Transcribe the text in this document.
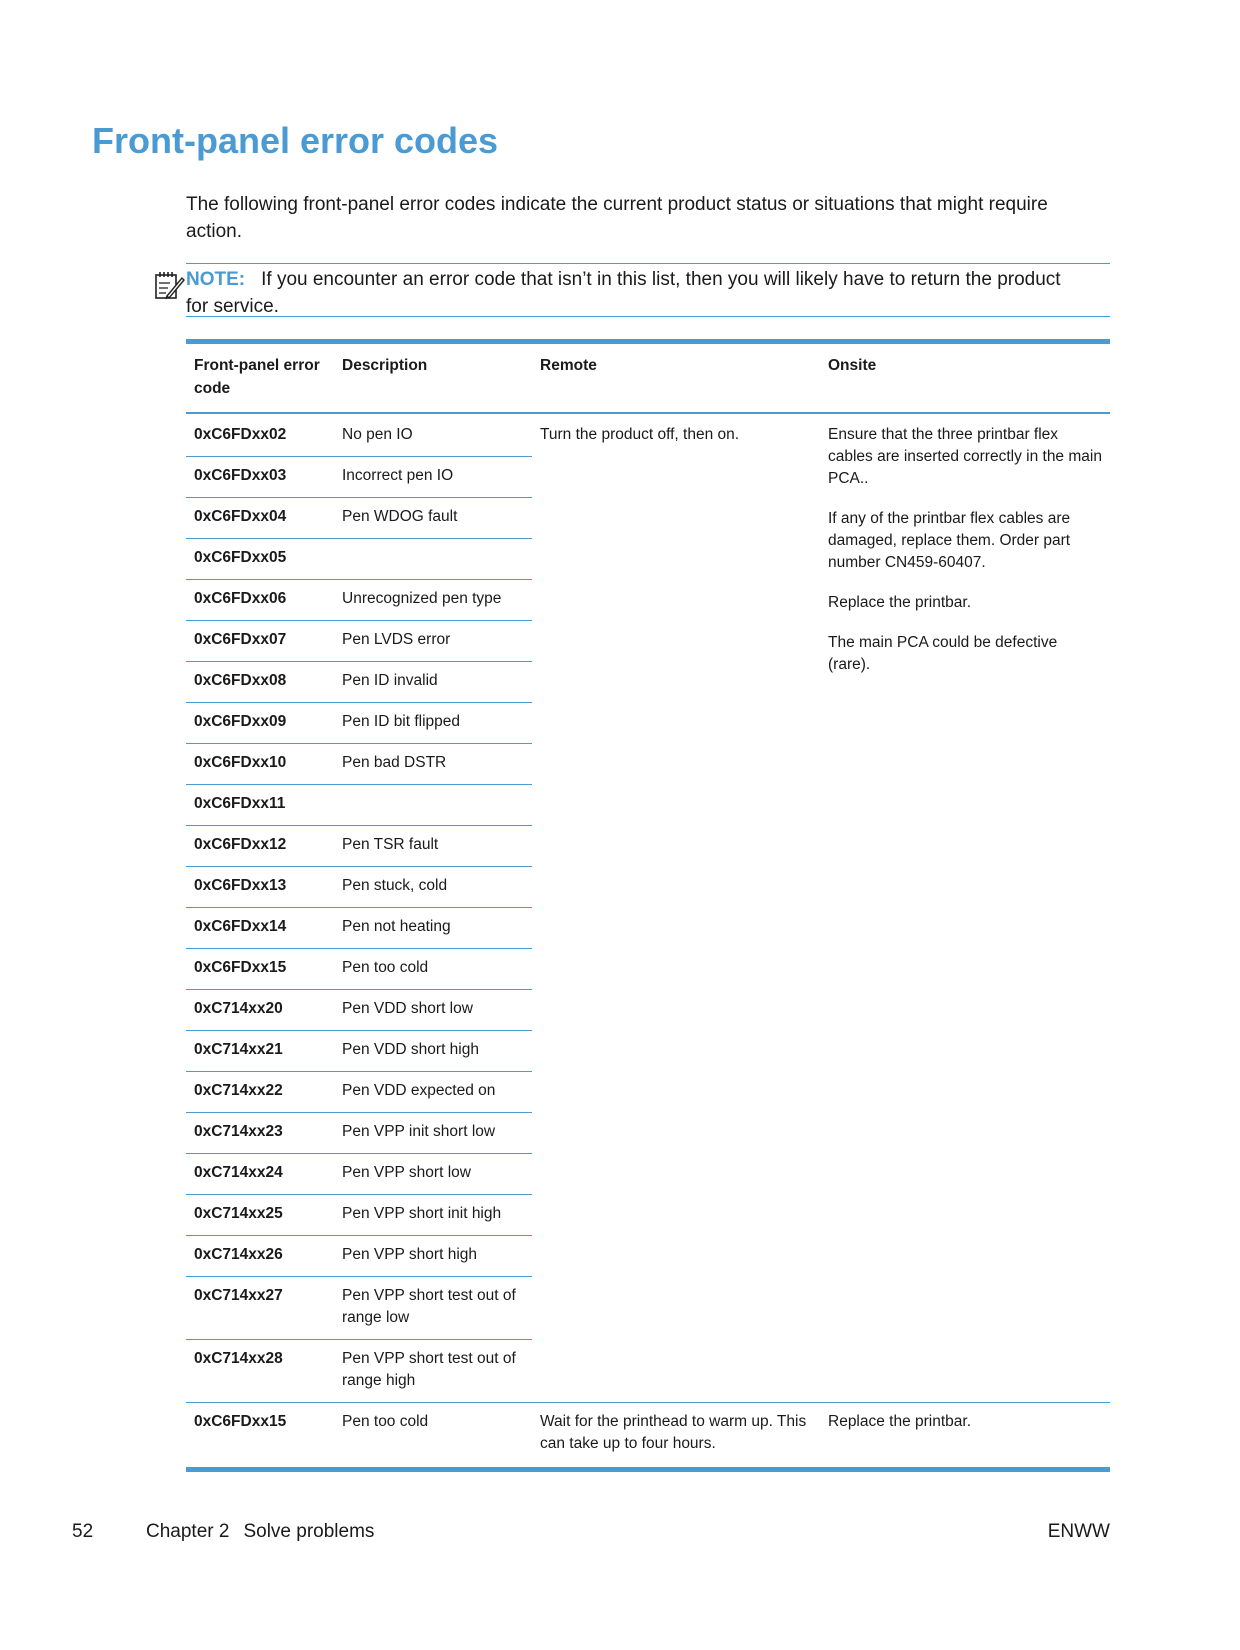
Front-panel error codes

The following front-panel error codes indicate the current product status or situations that might require action.

NOTE: If you encounter an error code that isn’t in this list, then you will likely have to return the product for service.

Front-panel error code	Description	Remote	Onsite
0xC6FDxx02	No pen IO	Turn the product off, then on.	Ensure that the three printbar flex cables are inserted correctly in the main PCA..

If any of the printbar flex cables are damaged, replace them. Order part number CN459-60407.

Replace the printbar.

The main PCA could be defective (rare).

0xC6FDxx03	Incorrect pen IO		
0xC6FDxx04	Pen WDOG fault		
0xC6FDxx05			
0xC6FDxx06	Unrecognized pen type		
0xC6FDxx07	Pen LVDS error		
0xC6FDxx08	Pen ID invalid		
0xC6FDxx09	Pen ID bit flipped		
0xC6FDxx10	Pen bad DSTR		
0xC6FDxx11			
0xC6FDxx12	Pen TSR fault		
0xC6FDxx13	Pen stuck, cold		
0xC6FDxx14	Pen not heating		
0xC6FDxx15	Pen too cold		
0xC714xx20	Pen VDD short low		
0xC714xx21	Pen VDD short high		
0xC714xx22	Pen VDD expected on		
0xC714xx23	Pen VPP init short low		
0xC714xx24	Pen VPP short low		
0xC714xx25	Pen VPP short init high		
0xC714xx26	Pen VPP short high		
0xC714xx27	Pen VPP short test out of range low		
0xC714xx28	Pen VPP short test out of range high		
0xC6FDxx15	Pen too cold	Wait for the printhead to warm up. This can take up to four hours.	Replace the printbar.
52	Chapter 2 Solve problems	ENWW
